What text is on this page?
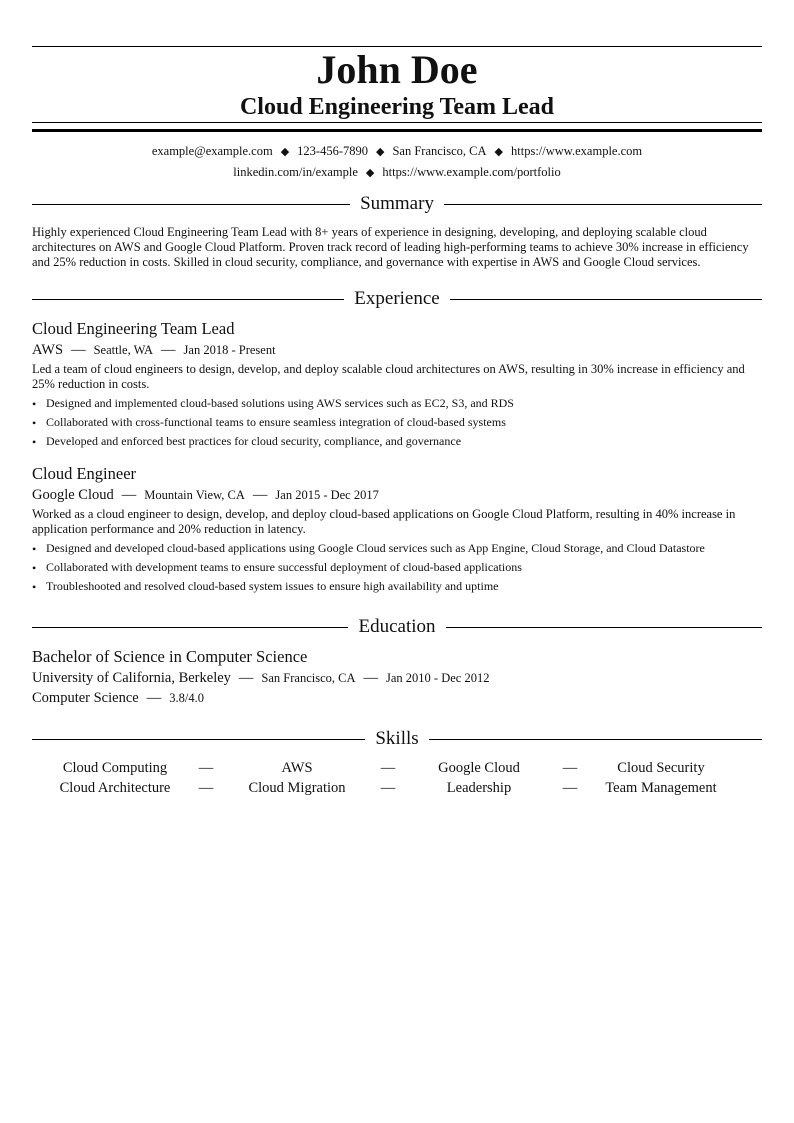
John Doe
Cloud Engineering Team Lead
example@example.com ◆ 123-456-7890 ◆ San Francisco, CA ◆ https://www.example.com
linkedin.com/in/example ◆ https://www.example.com/portfolio
Summary
Highly experienced Cloud Engineering Team Lead with 8+ years of experience in designing, developing, and deploying scalable cloud architectures on AWS and Google Cloud Platform. Proven track record of leading high-performing teams to achieve 30% increase in efficiency and 25% reduction in costs. Skilled in cloud security, compliance, and governance with expertise in AWS and Google Cloud services.
Experience
Cloud Engineering Team Lead
AWS — Seattle, WA — Jan 2018 - Present
Led a team of cloud engineers to design, develop, and deploy scalable cloud architectures on AWS, resulting in 30% increase in efficiency and 25% reduction in costs.
• Designed and implemented cloud-based solutions using AWS services such as EC2, S3, and RDS
• Collaborated with cross-functional teams to ensure seamless integration of cloud-based systems
• Developed and enforced best practices for cloud security, compliance, and governance
Cloud Engineer
Google Cloud — Mountain View, CA — Jan 2015 - Dec 2017
Worked as a cloud engineer to design, develop, and deploy cloud-based applications on Google Cloud Platform, resulting in 40% increase in application performance and 20% reduction in latency.
• Designed and developed cloud-based applications using Google Cloud services such as App Engine, Cloud Storage, and Cloud Datastore
• Collaborated with development teams to ensure successful deployment of cloud-based applications
• Troubleshooted and resolved cloud-based system issues to ensure high availability and uptime
Education
Bachelor of Science in Computer Science
University of California, Berkeley — San Francisco, CA — Jan 2010 - Dec 2012
Computer Science — 3.8/4.0
Skills
Cloud Computing	—	AWS	—	Google Cloud	—	Cloud Security
Cloud Architecture	—	Cloud Migration	—	Leadership	—	Team Management
